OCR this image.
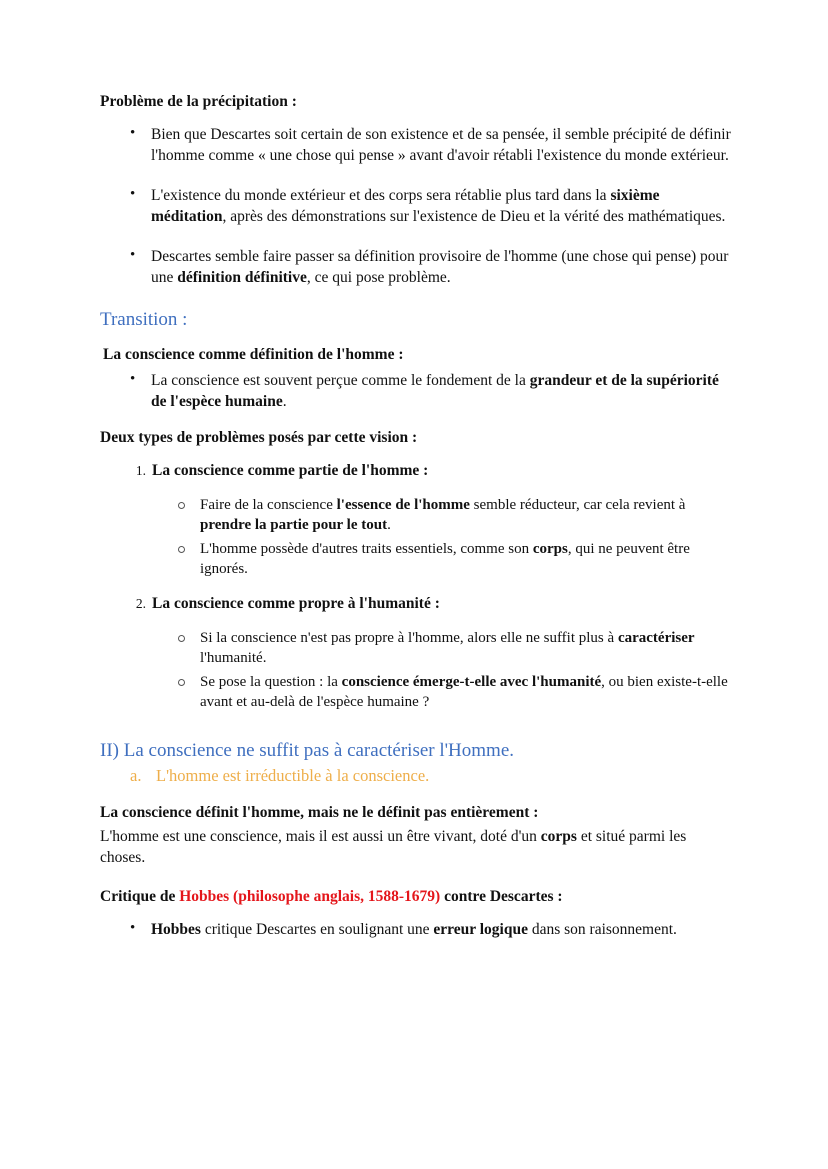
Problème de la précipitation :
• Bien que Descartes soit certain de son existence et de sa pensée, il semble précipité de définir l'homme comme « une chose qui pense » avant d'avoir rétabli l'existence du monde extérieur.
• L'existence du monde extérieur et des corps sera rétablie plus tard dans la sixième méditation, après des démonstrations sur l'existence de Dieu et la vérité des mathématiques.
• Descartes semble faire passer sa définition provisoire de l'homme (une chose qui pense) pour une définition définitive, ce qui pose problème.
Transition :
La conscience comme définition de l'homme :
• La conscience est souvent perçue comme le fondement de la grandeur et de la supériorité de l'espèce humaine.
Deux types de problèmes posés par cette vision :
1. La conscience comme partie de l'homme :
Faire de la conscience l'essence de l'homme semble réducteur, car cela revient à prendre la partie pour le tout.
L'homme possède d'autres traits essentiels, comme son corps, qui ne peuvent être ignorés.
2. La conscience comme propre à l'humanité :
Si la conscience n'est pas propre à l'homme, alors elle ne suffit plus à caractériser l'humanité.
Se pose la question : la conscience émerge-t-elle avec l'humanité, ou bien existe-t-elle avant et au-delà de l'espèce humaine ?
II) La conscience ne suffit pas à caractériser l'Homme.
a. L'homme est irréductible à la conscience.
La conscience définit l'homme, mais ne le définit pas entièrement :
L'homme est une conscience, mais il est aussi un être vivant, doté d'un corps et situé parmi les choses.
Critique de Hobbes (philosophe anglais, 1588-1679) contre Descartes :
• Hobbes critique Descartes en soulignant une erreur logique dans son raisonnement.
